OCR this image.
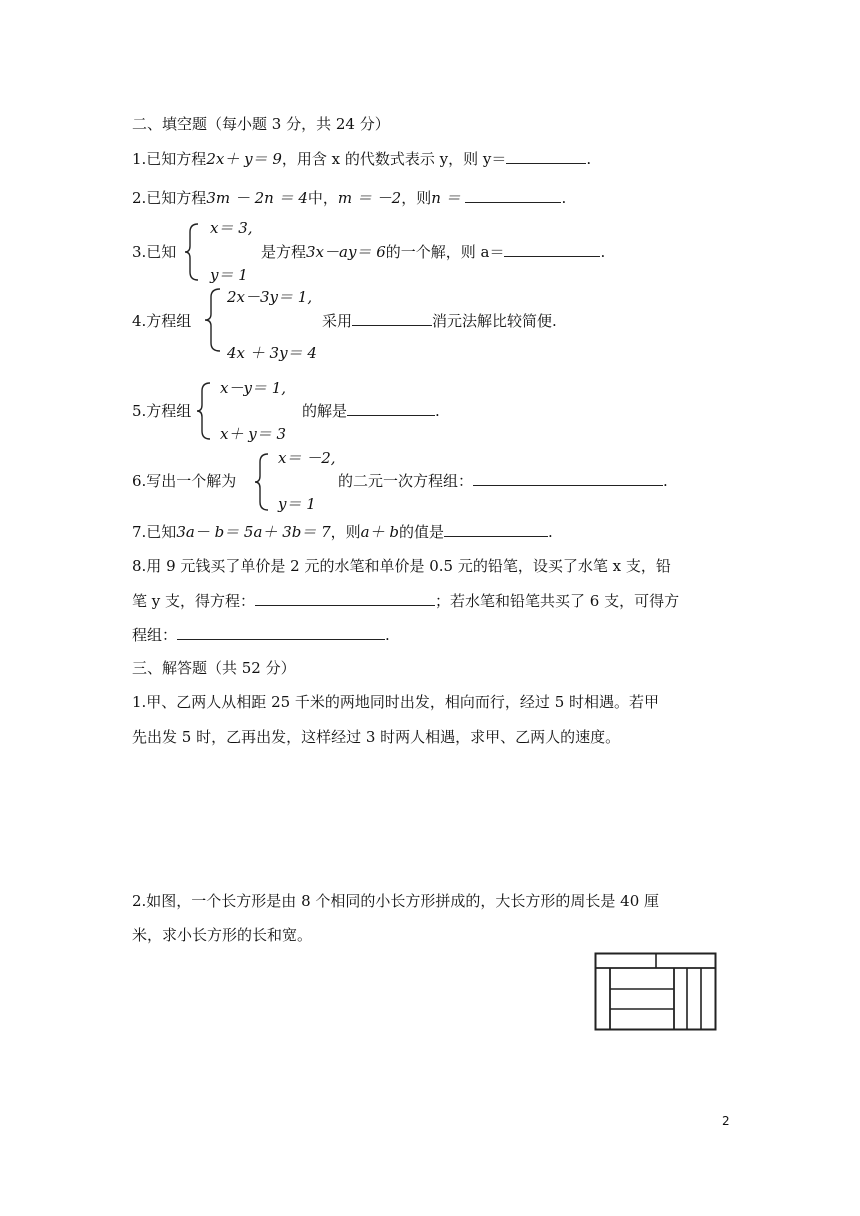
二、填空题（每小题 3 分，共 24 分）
1.已知方程2x＋ y＝ 9，用含 x 的代数式表示 y，则 y＝	.
2.已知方程3m － 2n ＝ 4中，m ＝ －2，则n ＝	.
3.已知
x＝ 3,
y＝ 1
是方程3x－ay＝ 6的一个解，则 a＝	.
4.方程组
2x－3y＝ 1,
4x ＋ 3y＝ 4
采用	消元法解比较简便.
5.方程组
x－y＝ 1,
x＋ y＝ 3
的解是	.
6.写出一个解为
x＝ －2,
y＝ 1
的二元一次方程组：	.
7.已知3a－ b＝ 5a＋ 3b＝ 7，则a＋ b的值是	.
8.用 9 元钱买了单价是 2 元的水笔和单价是 0.5 元的铅笔，设买了水笔 x 支，铅
笔 y 支，得方程：	；若水笔和铅笔共买了 6 支，可得方
程组：	.
三、解答题（共 52 分）
1.甲、乙两人从相距 25 千米的两地同时出发，相向而行，经过 5 时相遇。若甲
先出发 5 时，乙再出发，这样经过 3 时两人相遇，求甲、乙两人的速度。
2.如图，一个长方形是由 8 个相同的小长方形拼成的，大长方形的周长是 40 厘
米，求小长方形的长和宽。
2
